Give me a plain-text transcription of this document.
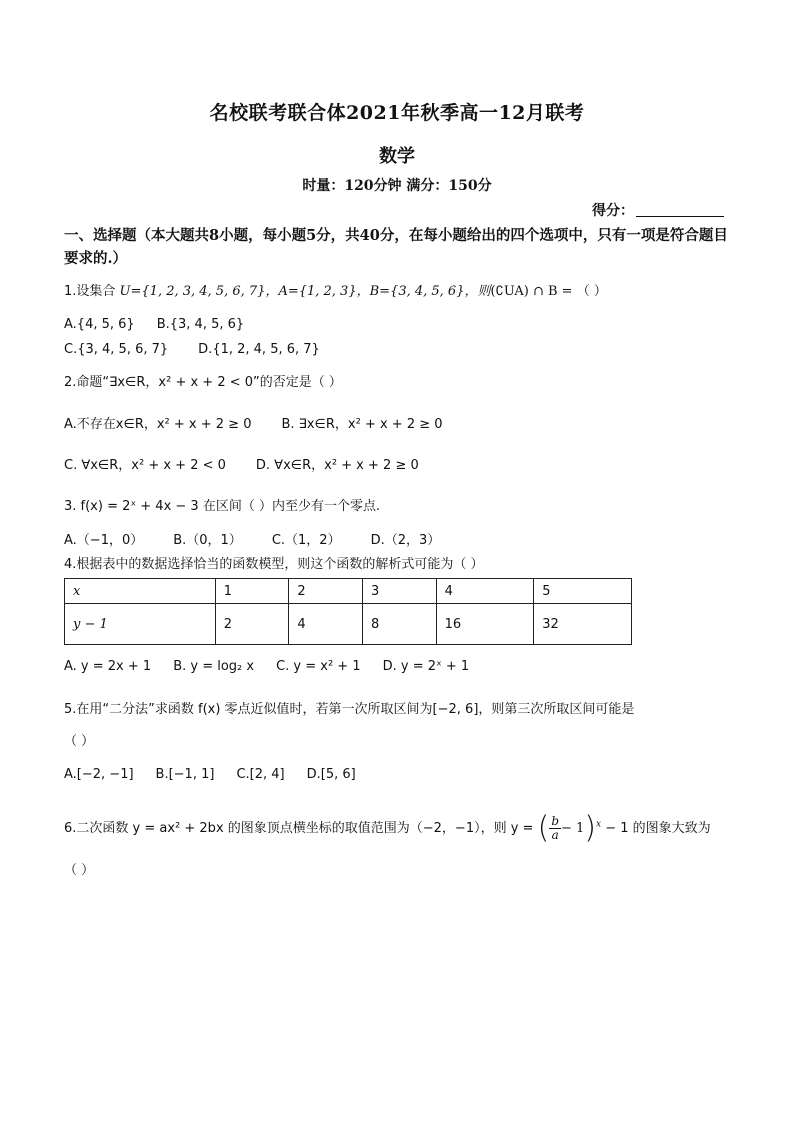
名校联考联合体2021年秋季高一12月联考
数学
时量：120分钟 满分：150分
得分：
一、选择题（本大题共8小题，每小题5分，共40分，在每小题给出的四个选项中，只有一项是符合题目要求的.）
1.设集合 U={1, 2, 3, 4, 5, 6, 7}，A={1, 2, 3}，B={3, 4, 5, 6}，则(∁UA) ∩ B = （ ）
A.{4, 5, 6} B.{3, 4, 5, 6}
C.{3, 4, 5, 6, 7} D.{1, 2, 4, 5, 6, 7}
2.命题“∃x∈R，x² + x + 2 < 0”的否定是（ ）
A.不存在x∈R，x² + x + 2 ≥ 0 B. ∃x∈R，x² + x + 2 ≥ 0
C. ∀x∈R，x² + x + 2 < 0 D. ∀x∈R，x² + x + 2 ≥ 0
3. f(x) = 2ˣ + 4x − 3 在区间（ ）内至少有一个零点.
A.（−1，0） B.（0，1） C.（1，2） D.（2，3）
4.根据表中的数据选择恰当的函数模型，则这个函数的解析式可能为（ ）
x	1	2	3	4	5
y − 1	2	4	8	16	32
A. y = 2x + 1 B. y = log₂ x C. y = x² + 1 D. y = 2ˣ + 1
5.在用“二分法”求函数 f(x) 零点近似值时，若第一次所取区间为[−2, 6]，则第三次所取区间可能是
（ ）
A.[−2, −1] B.[−1, 1] C.[2, 4] D.[5, 6]
6.二次函数 y = ax² + 2bx 的图象顶点横坐标的取值范围为（−2，−1），则 y = ( $\frac{b}{a} - 1)^x - 1$ 的图象大致为
（ ）
